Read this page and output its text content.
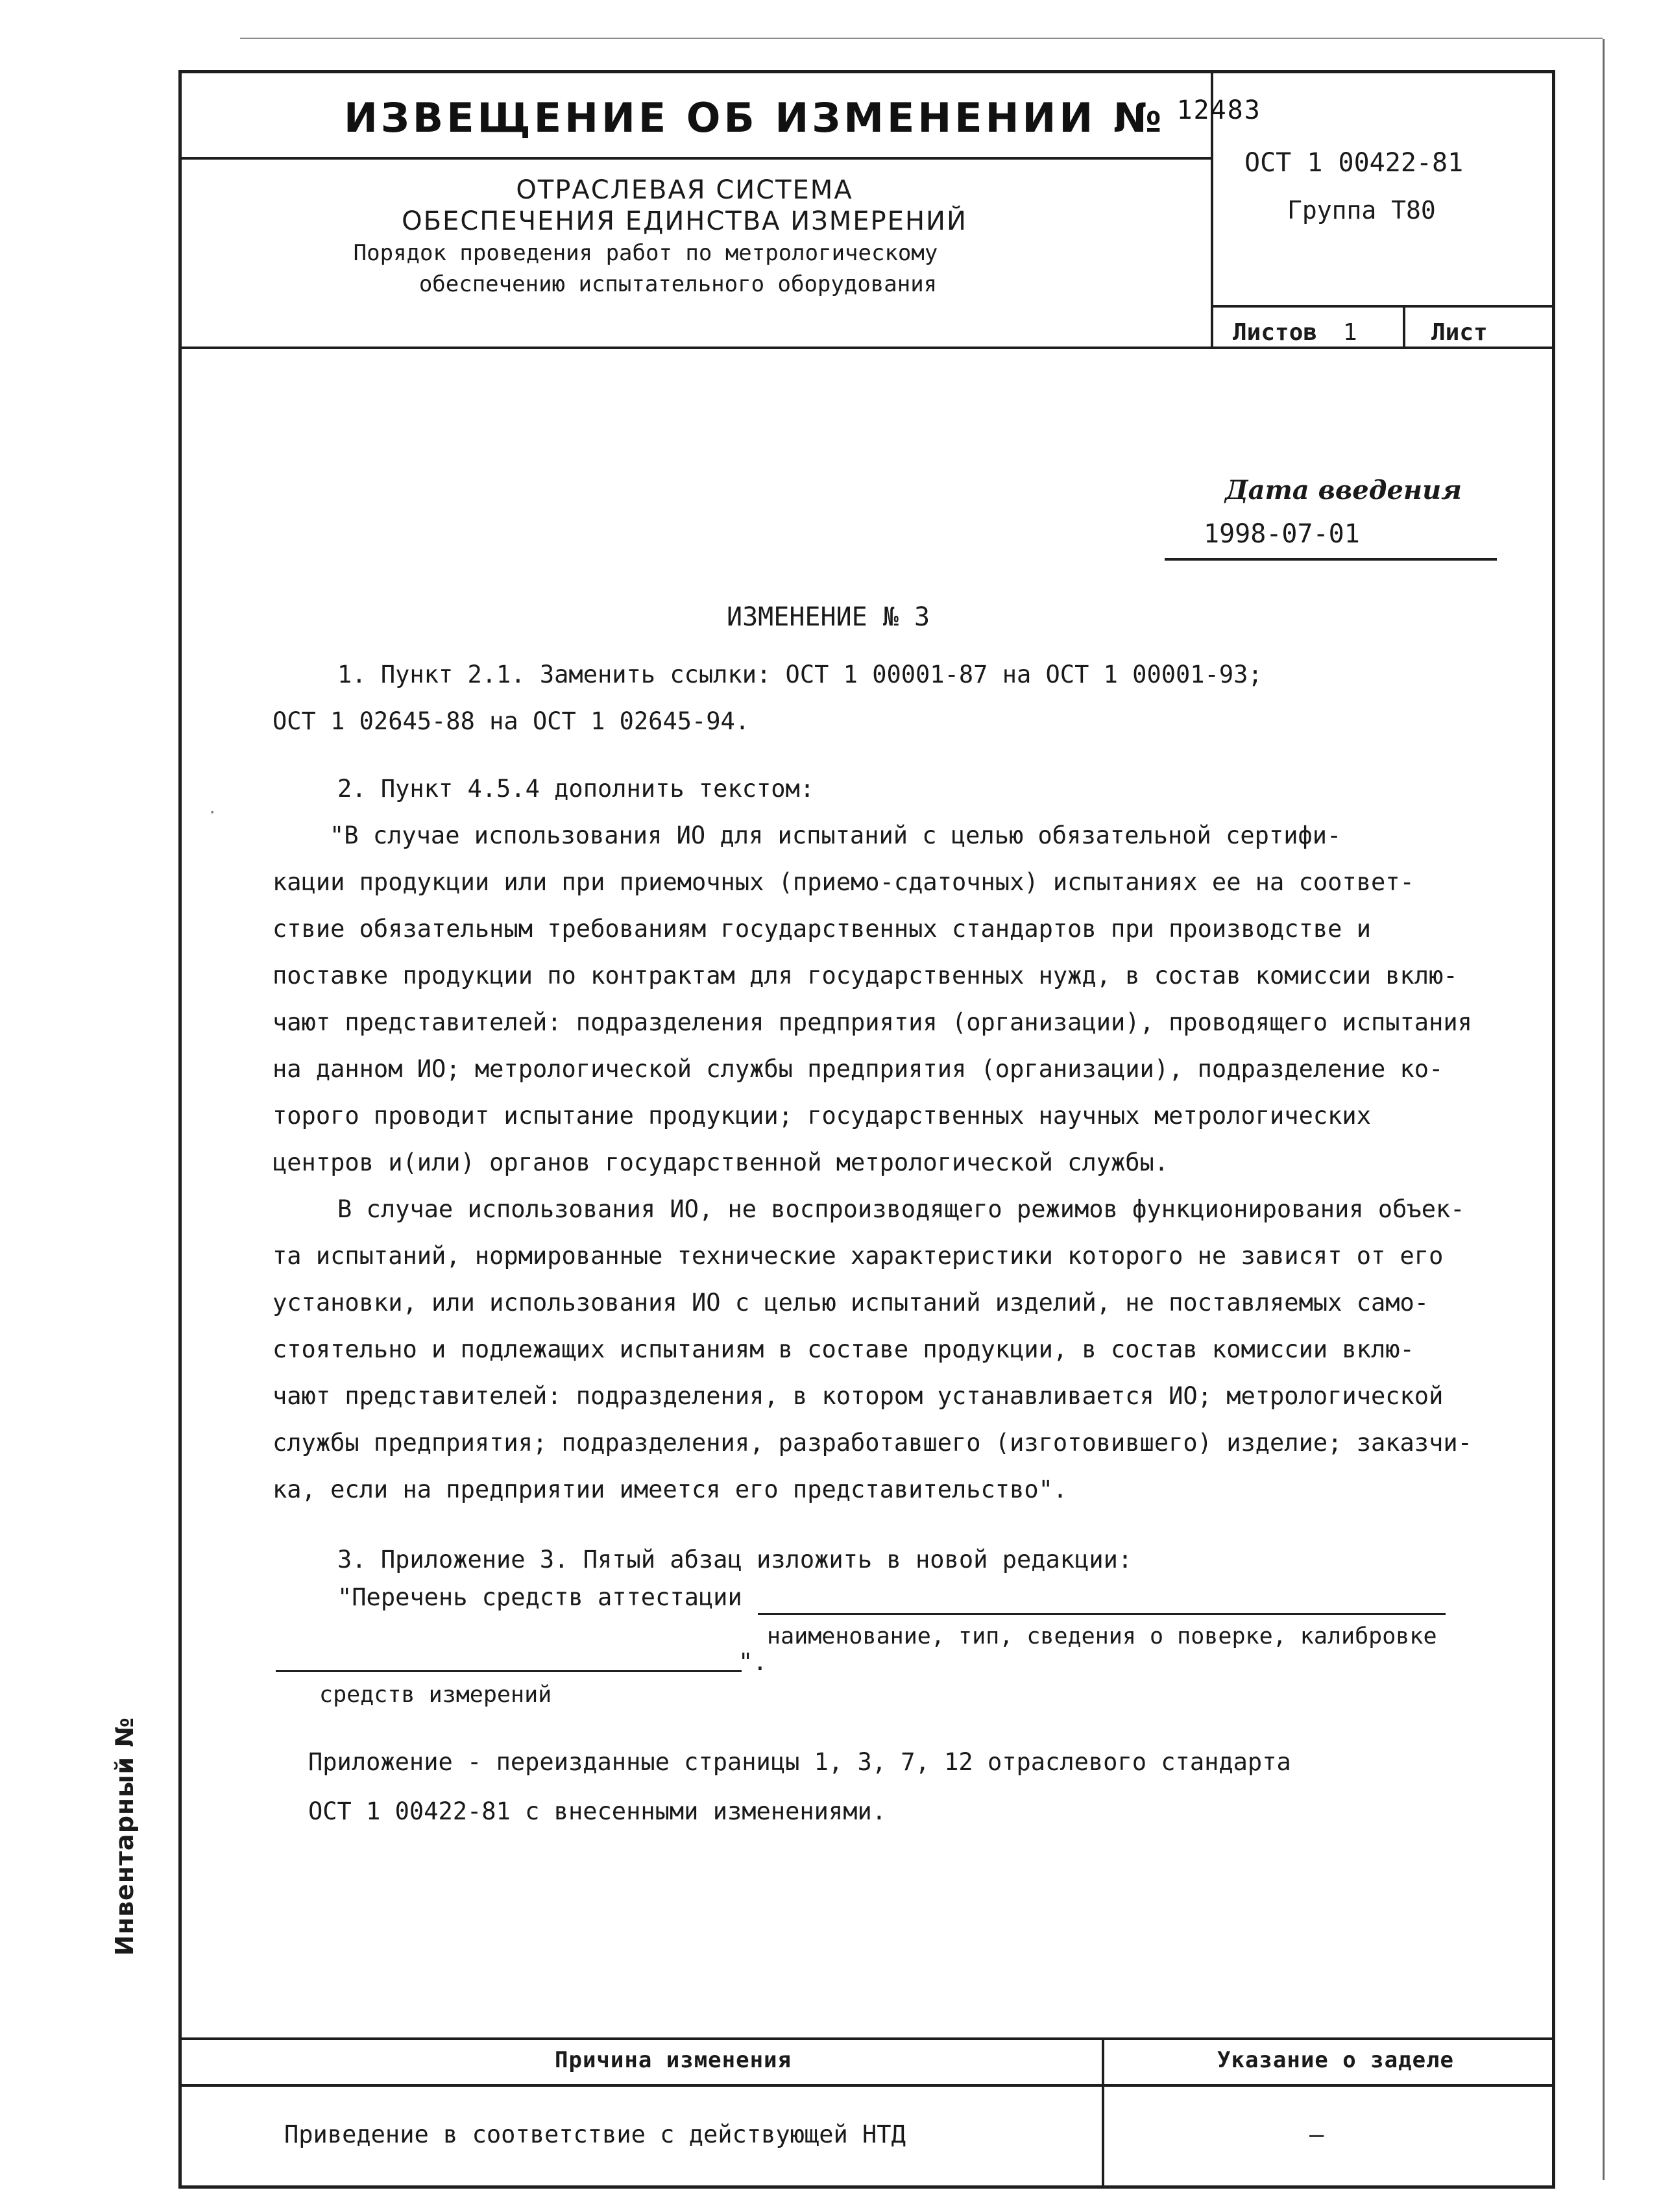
ИЗВЕЩЕНИЕ ОБ ИЗМЕНЕНИИ № $^{12483}$
ОТРАСЛЕВАЯ СИСТЕМА
ОБЕСПЕЧЕНИЯ ЕДИНСТВА ИЗМЕРЕНИЙ
Порядок проведения работ по метрологическому
обеспечению испытательного оборудования
ОСТ 1 00422-81
Группа Т80
Листов 1	Лист
Дата введения
1998-07-01
ИЗМЕНЕНИЕ № 3
1. Пункт 2.1. Заменить ссылки: ОСТ 1 00001-87 на ОСТ 1 00001-93;
ОСТ 1 02645-88 на ОСТ 1 02645-94.
2. Пункт 4.5.4 дополнить текстом:
"В случае использования ИО для испытаний с целью обязательной сертифи-
кации продукции или при приемочных (приемо-сдаточных) испытаниях ее на соответ-
ствие обязательным требованиям государственных стандартов при производстве и
поставке продукции по контрактам для государственных нужд, в состав комиссии вклю-
чают представителей: подразделения предприятия (организации), проводящего испытания
на данном ИО; метрологической службы предприятия (организации), подразделение ко-
торого проводит испытание продукции; государственных научных метрологических
центров и(или) органов государственной метрологической службы.
В случае использования ИО, не воспроизводящего режимов функционирования объек-
та испытаний, нормированные технические характеристики которого не зависят от его
установки, или использования ИО с целью испытаний изделий, не поставляемых само-
стоятельно и подлежащих испытаниям в составе продукции, в состав комиссии вклю-
чают представителей: подразделения, в котором устанавливается ИО; метрологической
службы предприятия; подразделения, разработавшего (изготовившего) изделие; заказчи-
ка, если на предприятии имеется его представительство".
3. Приложение 3. Пятый абзац изложить в новой редакции:
"Перечень средств аттестации
наименование, тип, сведения о поверке, калибровке
".
средств измерений
Приложение - переизданные страницы 1, 3, 7, 12 отраслевого стандарта
ОСТ 1 00422-81 с внесенными изменениями.
Причина изменения	Указание о заделе
Приведение в соответствие с действующей НТД	–
Инвентарный №
·
